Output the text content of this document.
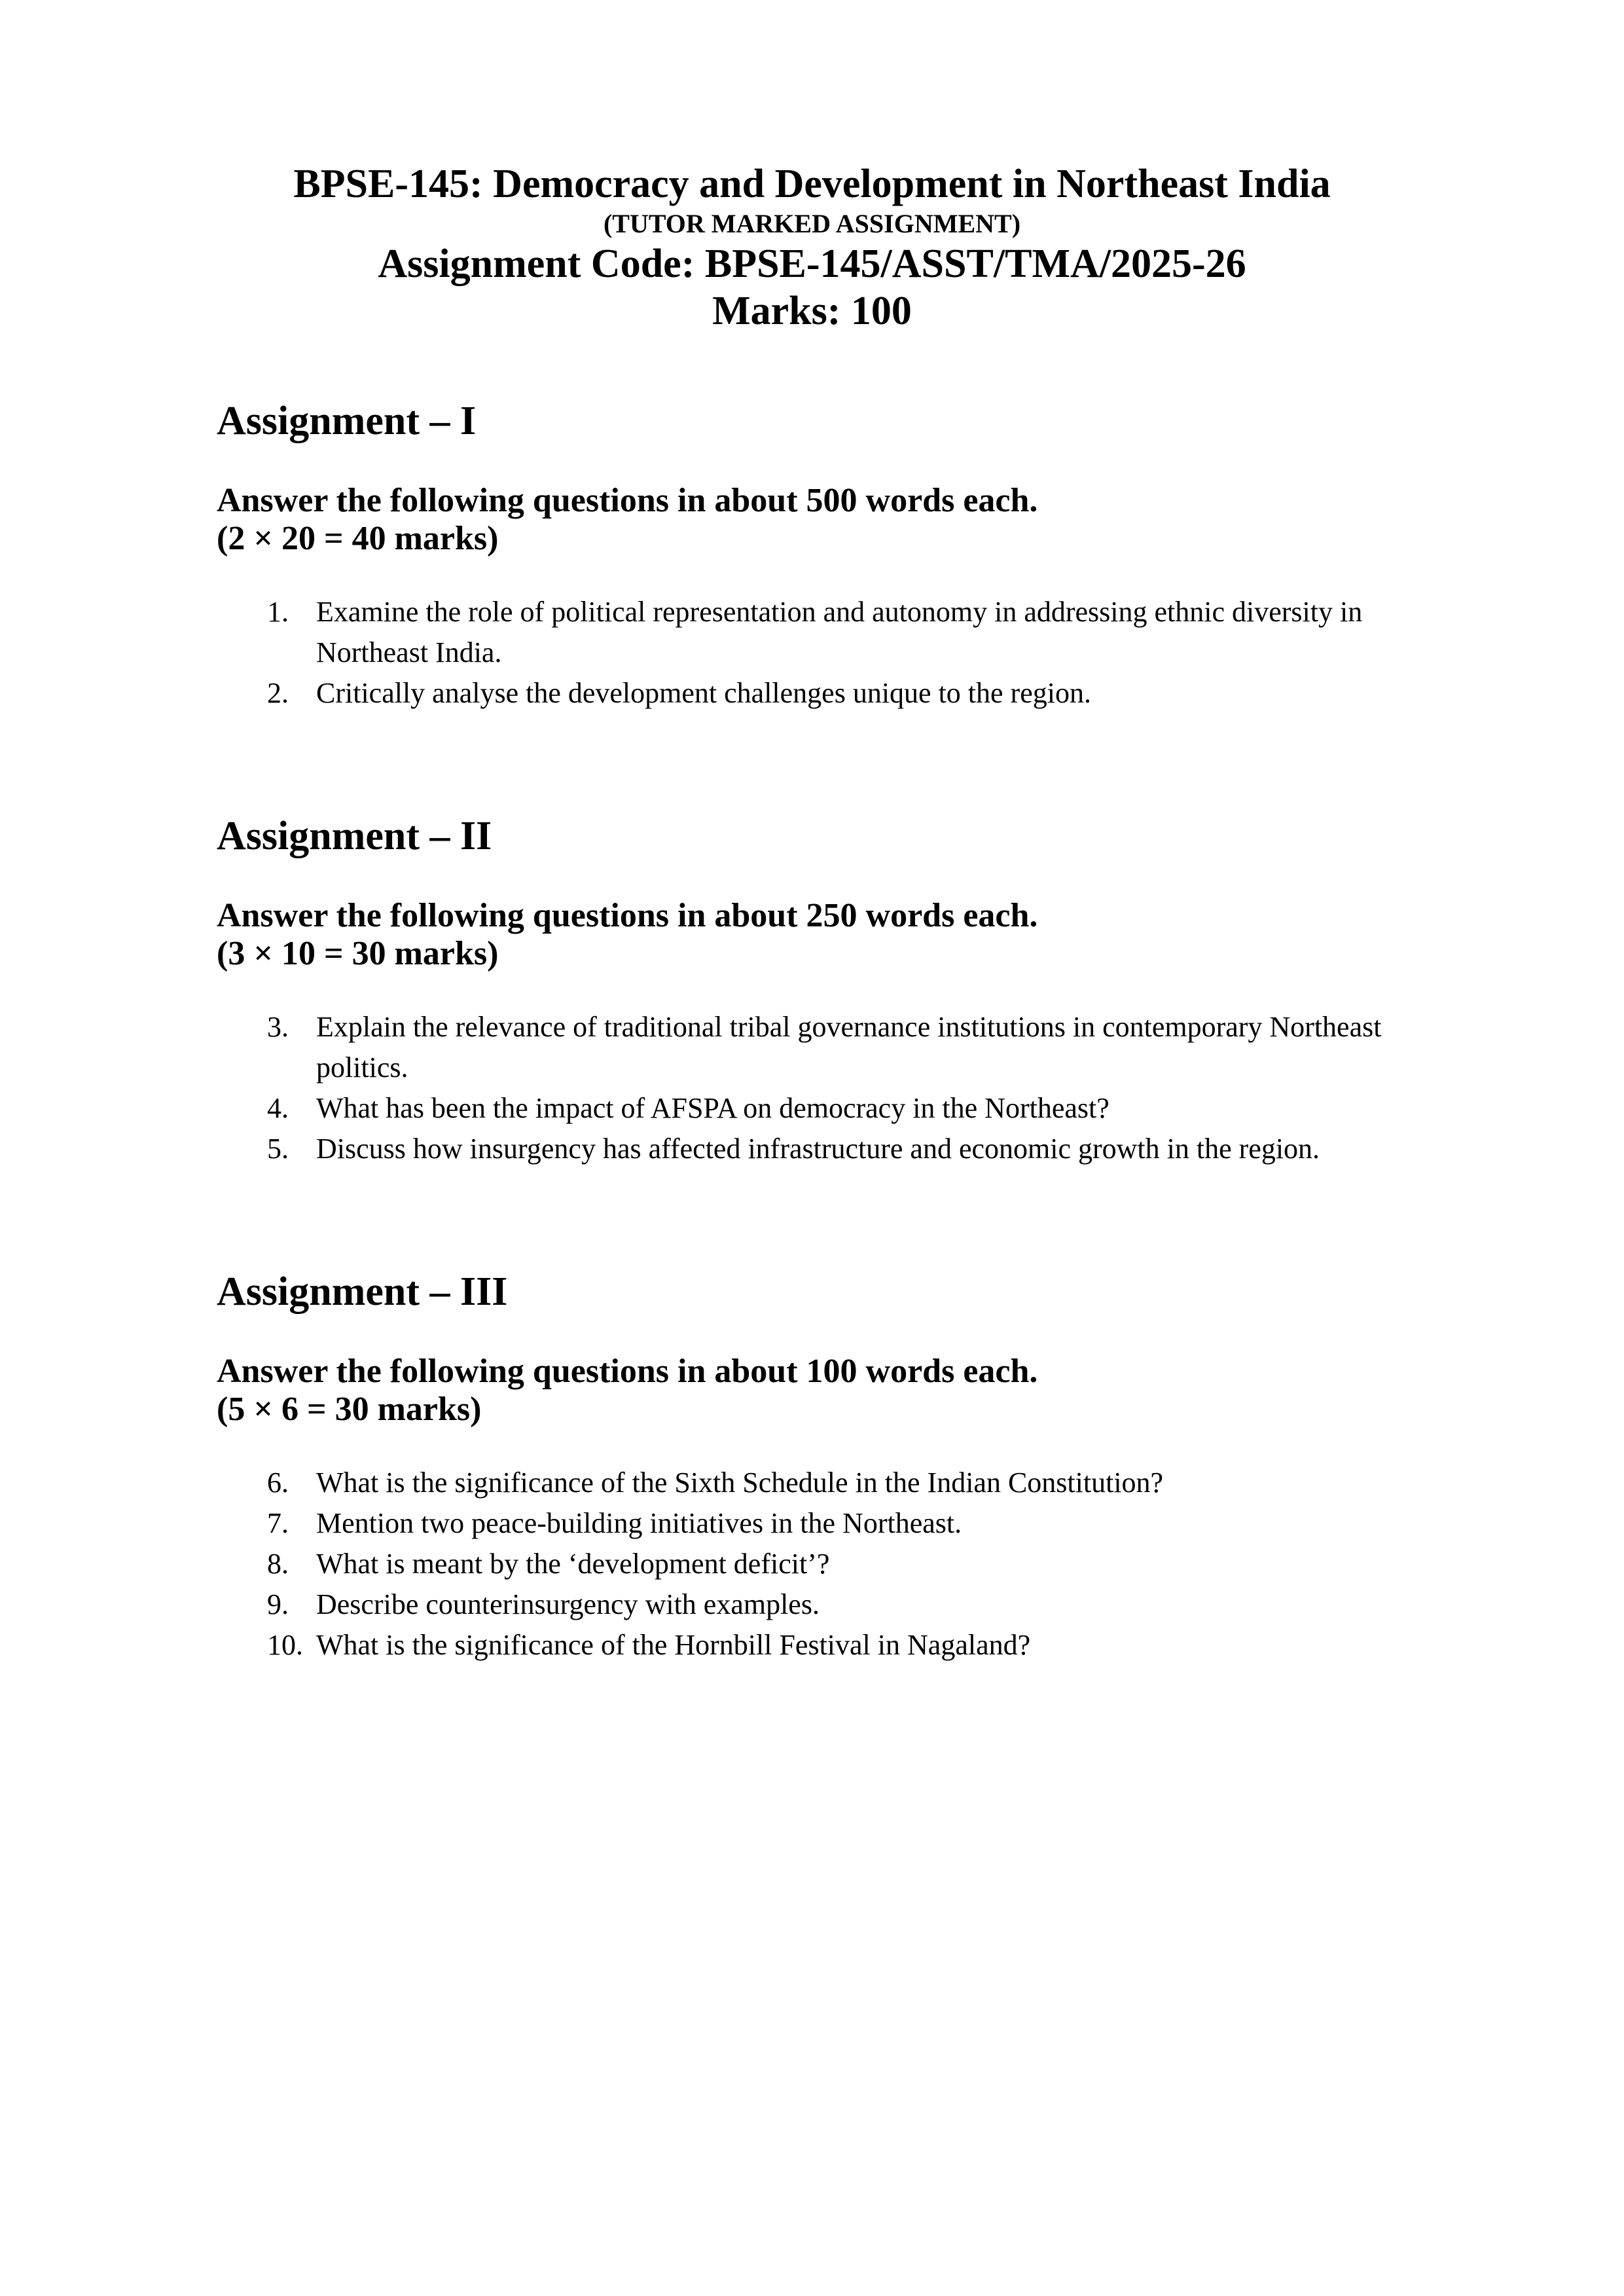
BPSE-145: Democracy and Development in Northeast India
(TUTOR MARKED ASSIGNMENT)
Assignment Code: BPSE-145/ASST/TMA/2025-26
Marks: 100
Assignment – I
Answer the following questions in about 500 words each.
(2 × 20 = 40 marks)
1. Examine the role of political representation and autonomy in addressing ethnic diversity in Northeast India.
2. Critically analyse the development challenges unique to the region.
Assignment – II
Answer the following questions in about 250 words each.
(3 × 10 = 30 marks)
3. Explain the relevance of traditional tribal governance institutions in contemporary Northeast politics.
4. What has been the impact of AFSPA on democracy in the Northeast?
5. Discuss how insurgency has affected infrastructure and economic growth in the region.
Assignment – III
Answer the following questions in about 100 words each.
(5 × 6 = 30 marks)
6. What is the significance of the Sixth Schedule in the Indian Constitution?
7. Mention two peace-building initiatives in the Northeast.
8. What is meant by the ‘development deficit’?
9. Describe counterinsurgency with examples.
10. What is the significance of the Hornbill Festival in Nagaland?
